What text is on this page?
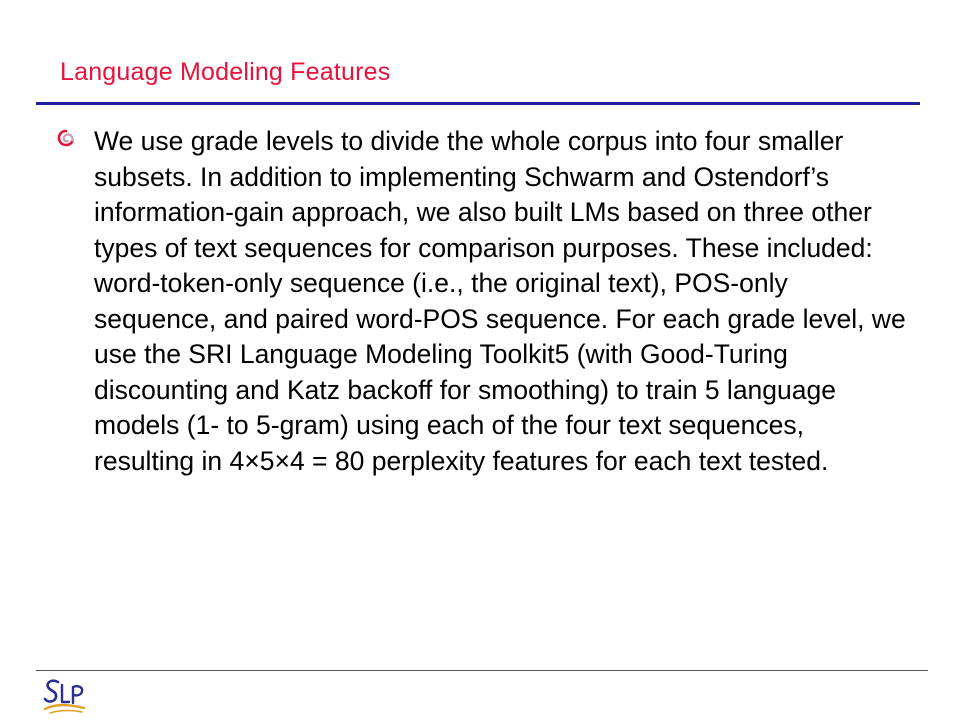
Language Modeling Features
We use grade levels to divide the whole corpus into four smaller subsets. In addition to implementing Schwarm and Ostendorf’s information-gain approach, we also built LMs based on three other types of text sequences for comparison purposes. These included: word-token-only sequence (i.e., the original text), POS-only sequence, and paired word-POS sequence. For each grade level, we use the SRI Language Modeling Toolkit5 (with Good-Turing discounting and Katz backoff for smoothing) to train 5 language models (1- to 5-gram) using each of the four text sequences, resulting in 4×5×4 = 80 perplexity features for each text tested.
